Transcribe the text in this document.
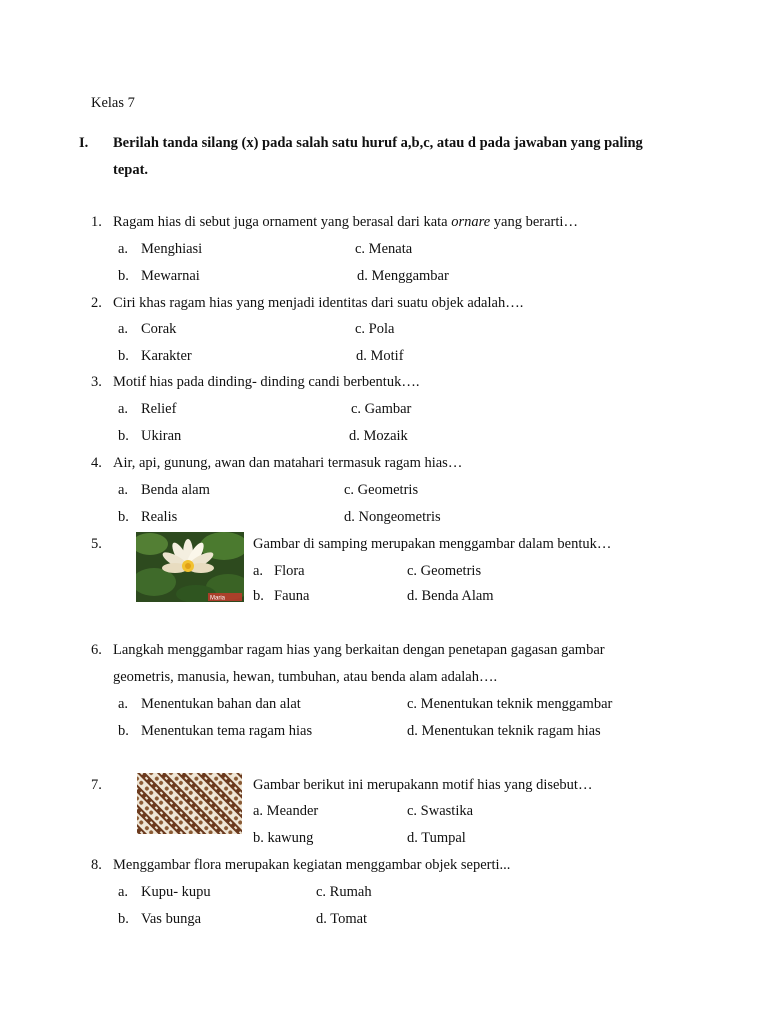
Kelas 7
I. Berilah tanda silang (x) pada salah satu huruf a,b,c, atau d pada jawaban yang paling
tepat.
1. Ragam hias di sebut juga ornament yang berasal dari kata ornare yang berarti…
a. Menghiasi	c. Menata
b. Mewarnai	d. Menggambar
2. Ciri khas ragam hias yang menjadi identitas dari suatu objek adalah….
a. Corak	c. Pola
b. Karakter	d. Motif
3. Motif hias pada dinding- dinding candi berbentuk….
a. Relief	c. Gambar
b. Ukiran	d. Mozaik
4. Air, api, gunung, awan dan matahari termasuk ragam hias…
a. Benda alam	c. Geometris
b. Realis	d. Nongeometris
5.
Maria
Gambar di samping merupakan menggambar dalam bentuk…
a. Flora	c. Geometris
b. Fauna	d. Benda Alam
6. Langkah menggambar ragam hias yang berkaitan dengan penetapan gagasan gambar
geometris, manusia, hewan, tumbuhan, atau benda alam adalah….
a. Menentukan bahan dan alat	c. Menentukan teknik menggambar
b. Menentukan tema ragam hias	d. Menentukan teknik ragam hias
7.	Gambar berikut ini merupakann motif hias yang disebut…
a. Meander	c. Swastika
b. kawung	d. Tumpal
8. Menggambar flora merupakan kegiatan menggambar objek seperti...
a. Kupu- kupu	c. Rumah
b. Vas bunga	d. Tomat
